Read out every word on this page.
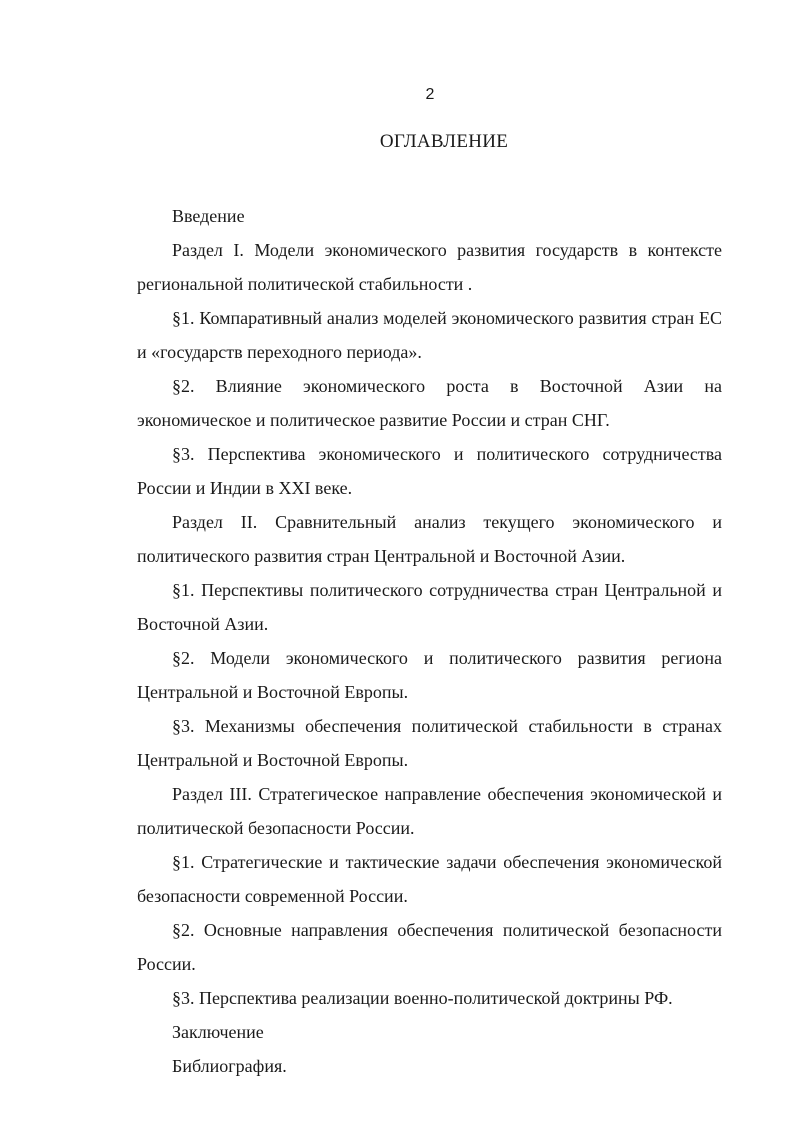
2
ОГЛАВЛЕНИЕ

Введение

Раздел I. Модели экономического развития государств в контексте региональной политической стабильности .

§1. Компаративный анализ моделей экономического развития стран ЕС и «государств переходного периода».

§2. Влияние экономического роста в Восточной Азии на экономическое и политическое развитие России и стран СНГ.

§3. Перспектива экономического и политического сотрудничества России и Индии в XXI веке.

Раздел II. Сравнительный анализ текущего экономического и политического развития стран Центральной и Восточной Азии.

§1. Перспективы политического сотрудничества стран Центральной и Восточной Азии.

§2. Модели экономического и политического развития региона Центральной и Восточной Европы.

§3. Механизмы обеспечения политической стабильности в странах Центральной и Восточной Европы.

Раздел III. Стратегическое направление обеспечения экономической и политической безопасности России.

§1. Стратегические и тактические задачи обеспечения экономической безопасности современной России.

§2. Основные направления обеспечения политической безопасности России.

§3. Перспектива реализации военно-политической доктрины РФ.

Заключение

Библиография.
